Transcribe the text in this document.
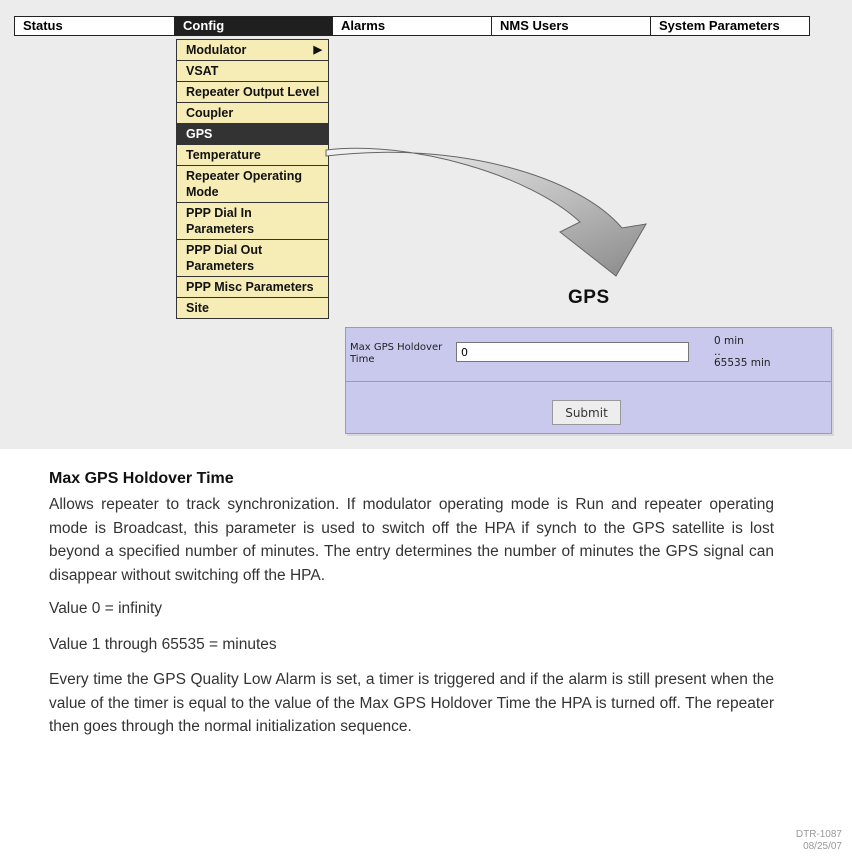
Status	Config	Alarms	NMS Users	System Parameters
Modulator	▶
VSAT
Repeater Output Level
Coupler
GPS
Temperature
Repeater Operating Mode
PPP Dial In Parameters
PPP Dial Out Parameters
PPP Misc Parameters
Site	GPS
Max GPS Holdover Time
0
0 min
..
65535 min
Submit
Max GPS Holdover Time

Allows repeater to track synchronization. If modulator operating mode is Run and repeater operating mode is Broadcast, this parameter is used to switch off the HPA if synch to the GPS satellite is lost beyond a specified number of minutes. The entry determines the number of minutes the GPS signal can disappear without switching off the HPA.

Value 0 = infinity

Value 1 through 65535 = minutes

Every time the GPS Quality Low Alarm is set, a timer is triggered and if the alarm is still present when the value of the timer is equal to the value of the Max GPS Holdover Time the HPA is turned off. The repeater then goes through the normal initialization sequence.

DTR-1087
08/25/07
